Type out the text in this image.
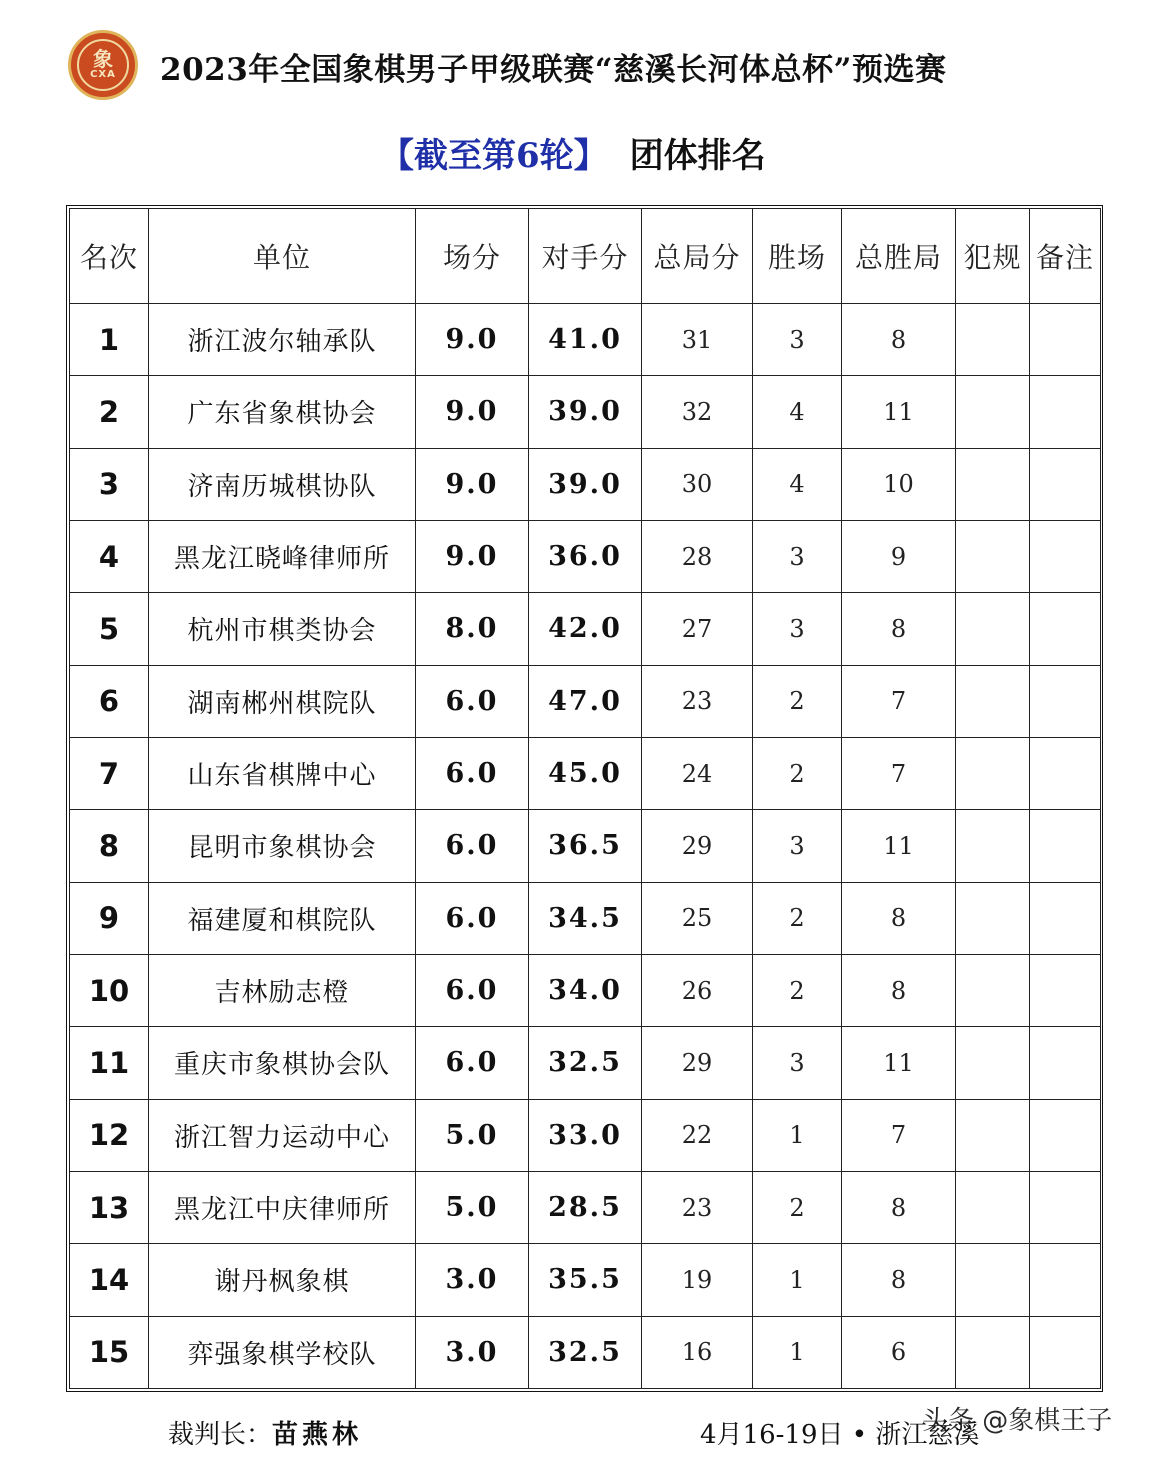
象
CXA 2023年全国象棋男子甲级联赛“慈溪长河体总杯”预选赛
【截至第6轮】 团体排名
名次	单位	场分	对手分	总局分	胜场	总胜局	犯规	备注
1	浙江波尔轴承队	9.0	41.0	31	3	8		
2	广东省象棋协会	9.0	39.0	32	4	11		
3	济南历城棋协队	9.0	39.0	30	4	10		
4	黑龙江晓峰律师所	9.0	36.0	28	3	9		
5	杭州市棋类协会	8.0	42.0	27	3	8		
6	湖南郴州棋院队	6.0	47.0	23	2	7		
7	山东省棋牌中心	6.0	45.0	24	2	7		
8	昆明市象棋协会	6.0	36.5	29	3	11		
9	福建厦和棋院队	6.0	34.5	25	2	8		
10	吉林励志橙	6.0	34.0	26	2	8		
11	重庆市象棋协会队	6.0	32.5	29	3	11		
12	浙江智力运动中心	5.0	33.0	22	1	7		
13	黑龙江中庆律师所	5.0	28.5	23	2	8		
14	谢丹枫象棋	3.0	35.5	19	1	8		
15	弈强象棋学校队	3.0	32.5	16	1	6		
裁判长：苗燕林	4月16-19日 • 浙江慈溪
头条 @象棋王子
